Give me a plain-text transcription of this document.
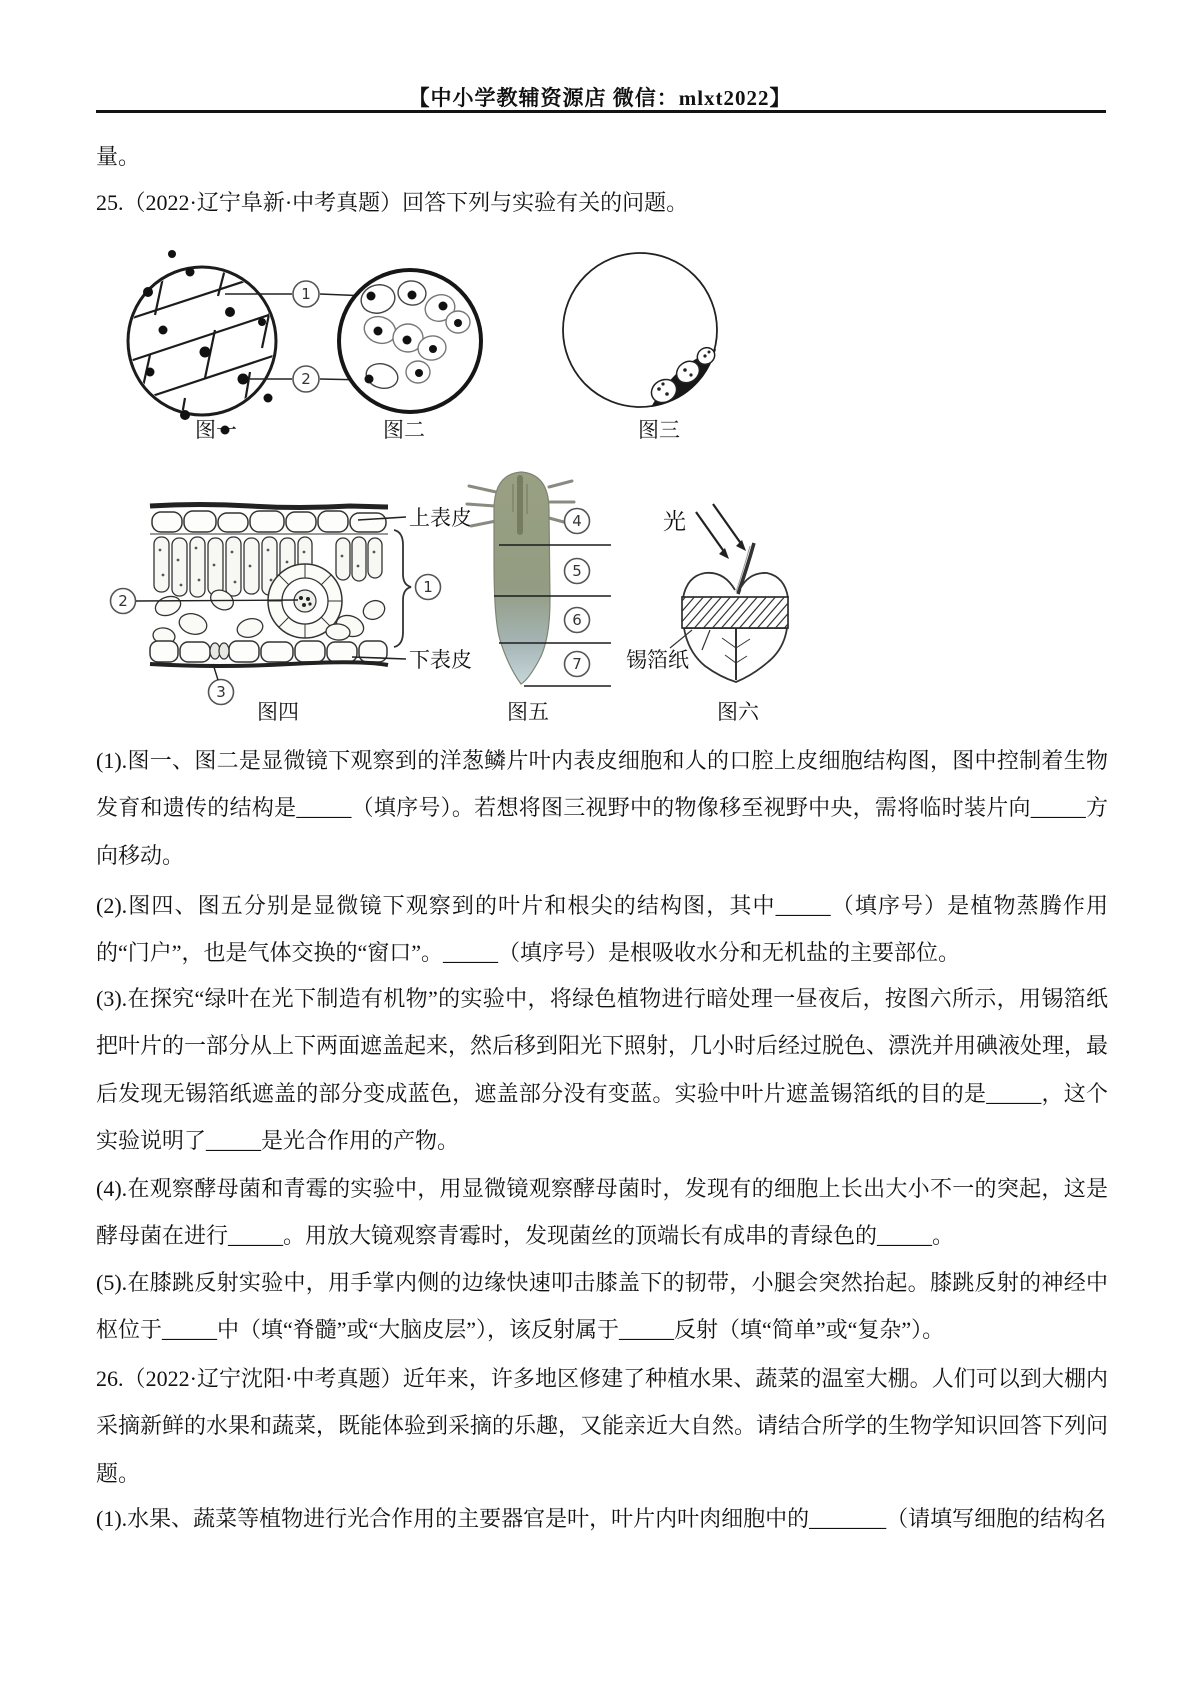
【中小学教辅资源店 微信：mlxt2022】
量。
25.（2022·辽宁阜新·中考真题）回答下列与实验有关的问题。
1
2
图一	图二	图三
上表皮
下表皮
1
2
3
4
5
6
7
光
锡箔纸
图四	图五	图六

(1).图一、图二是显微镜下观察到的洋葱鳞片叶内表皮细胞和人的口腔上皮细胞结构图，图中控制着生物发育和遗传的结构是_____（填序号）。若想将图三视野中的物像移至视野中央，需将临时装片向_____方向移动。

(2).图四、图五分别是显微镜下观察到的叶片和根尖的结构图，其中_____（填序号）是植物蒸腾作用的“门户”，也是气体交换的“窗口”。_____（填序号）是根吸收水分和无机盐的主要部位。

(3).在探究“绿叶在光下制造有机物”的实验中，将绿色植物进行暗处理一昼夜后，按图六所示，用锡箔纸把叶片的一部分从上下两面遮盖起来，然后移到阳光下照射，几小时后经过脱色、漂洗并用碘液处理，最后发现无锡箔纸遮盖的部分变成蓝色，遮盖部分没有变蓝。实验中叶片遮盖锡箔纸的目的是_____，这个实验说明了_____是光合作用的产物。

(4).在观察酵母菌和青霉的实验中，用显微镜观察酵母菌时，发现有的细胞上长出大小不一的突起，这是酵母菌在进行_____。用放大镜观察青霉时，发现菌丝的顶端长有成串的青绿色的_____。

(5).在膝跳反射实验中，用手掌内侧的边缘快速叩击膝盖下的韧带，小腿会突然抬起。膝跳反射的神经中枢位于_____中（填“脊髓”或“大脑皮层”），该反射属于_____反射（填“简单”或“复杂”）。

26.（2022·辽宁沈阳·中考真题）近年来，许多地区修建了种植水果、蔬菜的温室大棚。人们可以到大棚内采摘新鲜的水果和蔬菜，既能体验到采摘的乐趣，又能亲近大自然。请结合所学的生物学知识回答下列问题。

(1).水果、蔬菜等植物进行光合作用的主要器官是叶，叶片内叶肉细胞中的_______（请填写细胞的结构名
